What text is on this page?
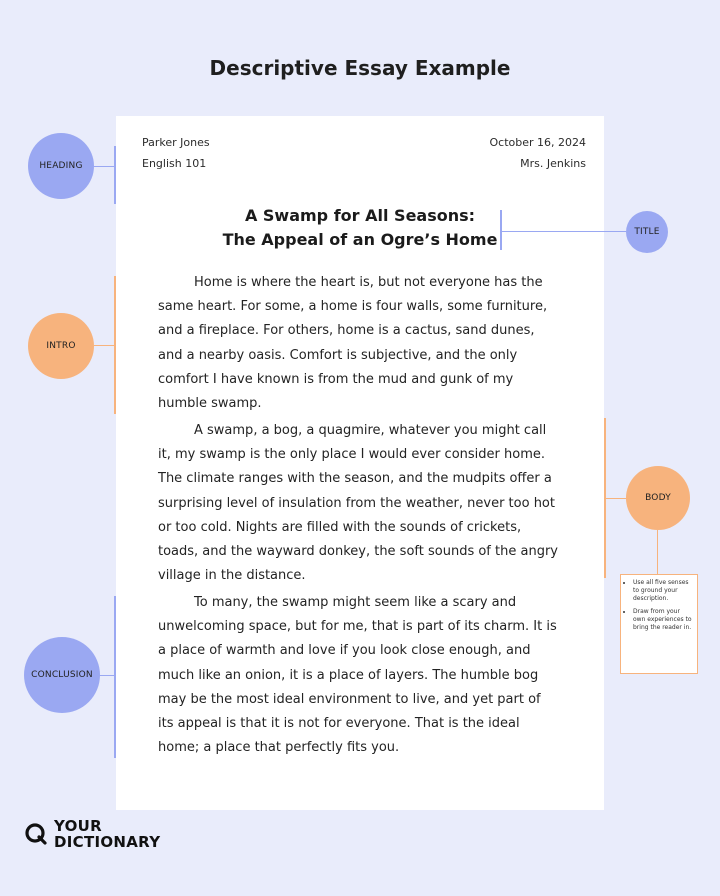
Descriptive Essay Example
Parker Jones
English 101
October 16, 2024
Mrs. Jenkins
A Swamp for All Seasons:
The Appeal of an Ogre’s Home

Home is where the heart is, but not everyone has the same heart. For some, a home is four walls, some furniture, and a fireplace. For others, home is a cactus, sand dunes, and a nearby oasis. Comfort is subjective, and the only comfort I have known is from the mud and gunk of my humble swamp.

A swamp, a bog, a quagmire, whatever you might call it, my swamp is the only place I would ever consider home. The climate ranges with the season, and the mudpits offer a surprising level of insulation from the weather, never too hot or too cold. Nights are filled with the sounds of crickets, toads, and the wayward donkey, the soft sounds of the angry village in the distance.

To many, the swamp might seem like a scary and unwelcoming space, but for me, that is part of its charm. It is a place of warmth and love if you look close enough, and much like an onion, it is a place of layers. The humble bog may be the most ideal environment to live, and yet part of its appeal is that it is not for everyone. That is the ideal home; a place that perfectly fits you.

HEADING
TITLE
INTRO
BODY
• Use all five senses to ground your description.
• Draw from your own experiences to bring the reader in.
CONCLUSION
YOUR
DICTIONARY
